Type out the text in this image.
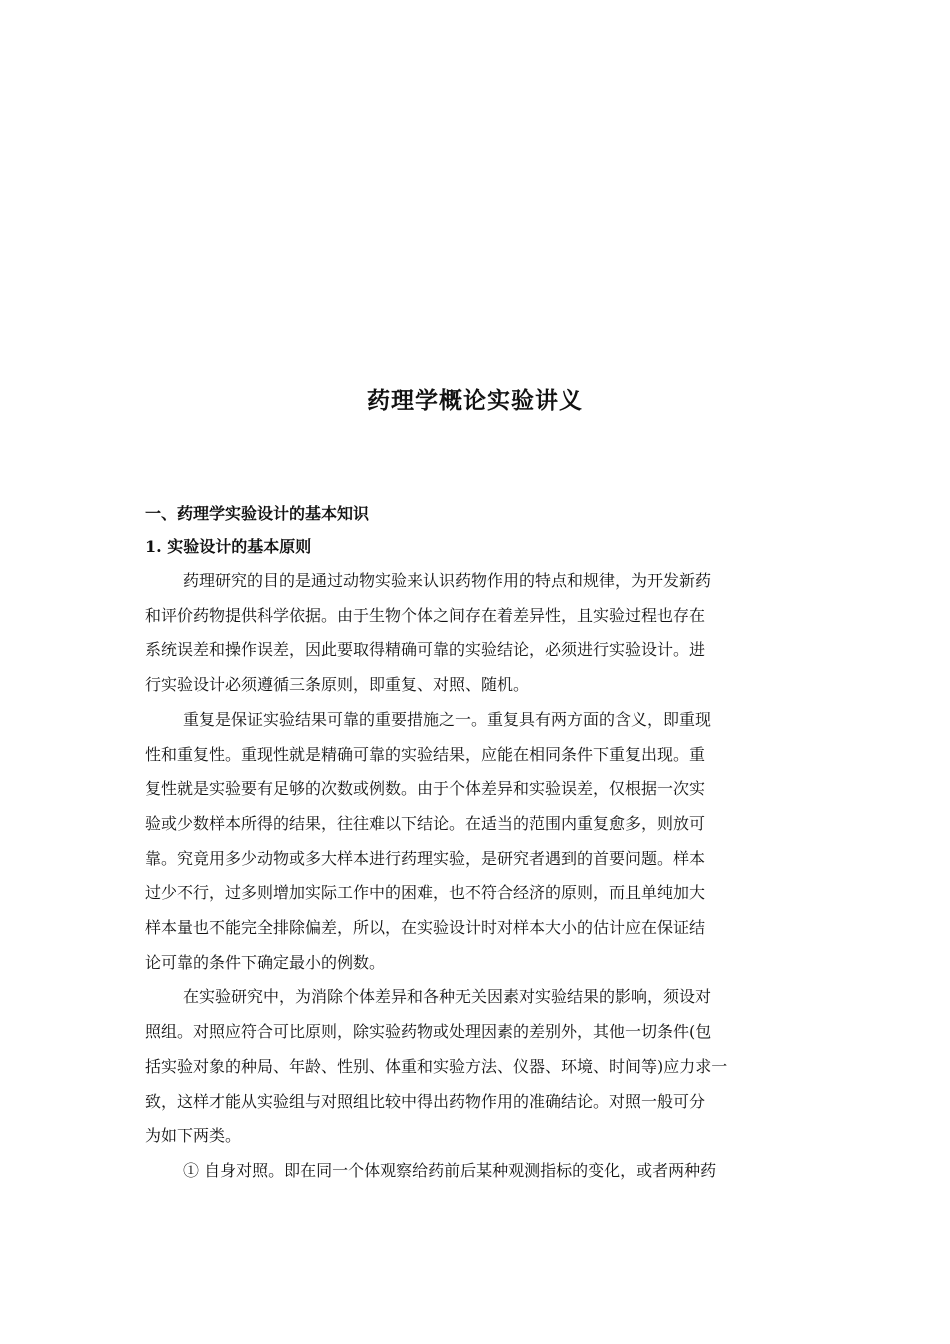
药理学概论实验讲义
一、药理学实验设计的基本知识
1. 实验设计的基本原则

药理研究的目的是通过动物实验来认识药物作用的特点和规律，为开发新药
和评价药物提供科学依据。由于生物个体之间存在着差异性，且实验过程也存在
系统误差和操作误差，因此要取得精确可靠的实验结论，必须进行实验设计。进
行实验设计必须遵循三条原则，即重复、对照、随机。

重复是保证实验结果可靠的重要措施之一。重复具有两方面的含义，即重现
性和重复性。重现性就是精确可靠的实验结果，应能在相同条件下重复出现。重
复性就是实验要有足够的次数或例数。由于个体差异和实验误差，仅根据一次实
验或少数样本所得的结果，往往难以下结论。在适当的范围内重复愈多，则放可
靠。究竟用多少动物或多大样本进行药理实验，是研究者遇到的首要问题。样本
过少不行，过多则增加实际工作中的困难，也不符合经济的原则，而且单纯加大
样本量也不能完全排除偏差，所以，在实验设计时对样本大小的估计应在保证结
论可靠的条件下确定最小的例数。

在实验研究中，为消除个体差异和各种无关因素对实验结果的影响，须设对
照组。对照应符合可比原则，除实验药物或处理因素的差别外，其他一切条件(包
括实验对象的种局、年龄、性别、体重和实验方法、仪器、环境、时间等)应力求一
致，这样才能从实验组与对照组比较中得出药物作用的准确结论。对照一般可分
为如下两类。

① 自身对照。即在同一个体观察给药前后某种观测指标的变化，或者两种药
